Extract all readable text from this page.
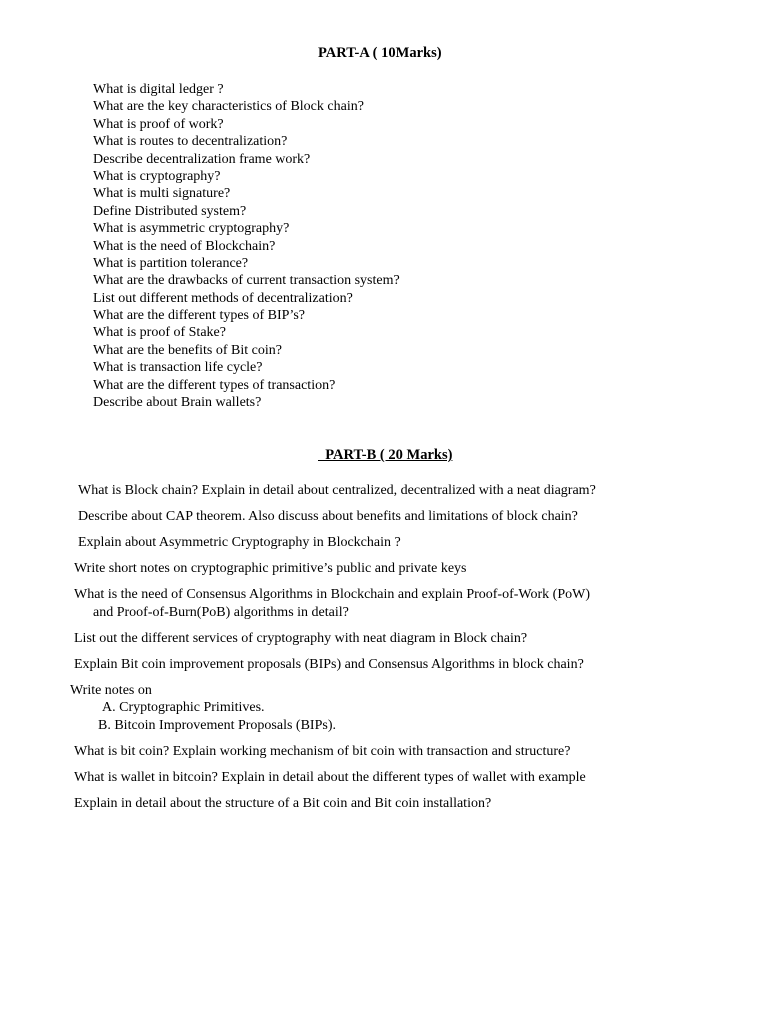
PART-A ( 10Marks)
What is digital ledger ?
What are the key characteristics of Block chain?
What is proof of work?
What is routes to decentralization?
Describe decentralization frame work?
What is cryptography?
What is multi signature?
Define Distributed system?
What is asymmetric cryptography?
What is the need of Blockchain?
What is partition tolerance?
What are the drawbacks of current transaction system?
List out different methods of decentralization?
What are the different types of BIP’s?
What is proof of Stake?
What are the benefits of Bit coin?
What is transaction life cycle?
What are the different types of transaction?
Describe about Brain wallets?
PART-B ( 20 Marks)
What is Block chain? Explain in detail about centralized, decentralized with a neat diagram?
Describe about CAP theorem. Also discuss about benefits and limitations of block chain?
Explain about Asymmetric Cryptography in Blockchain ?
Write short notes on cryptographic primitive’s public and private keys
What is the need of Consensus Algorithms in Blockchain and explain Proof-of-Work (PoW)
and Proof-of-Burn(PoB) algorithms in detail?
List out the different services of cryptography with neat diagram in Block chain?
Explain Bit coin improvement proposals (BIPs) and Consensus Algorithms in block chain?
Write notes on
A. Cryptographic Primitives.
B. Bitcoin Improvement Proposals (BIPs).
What is bit coin? Explain working mechanism of bit coin with transaction and structure?
What is wallet in bitcoin? Explain in detail about the different types of wallet with example
Explain in detail about the structure of a Bit coin and Bit coin installation?
